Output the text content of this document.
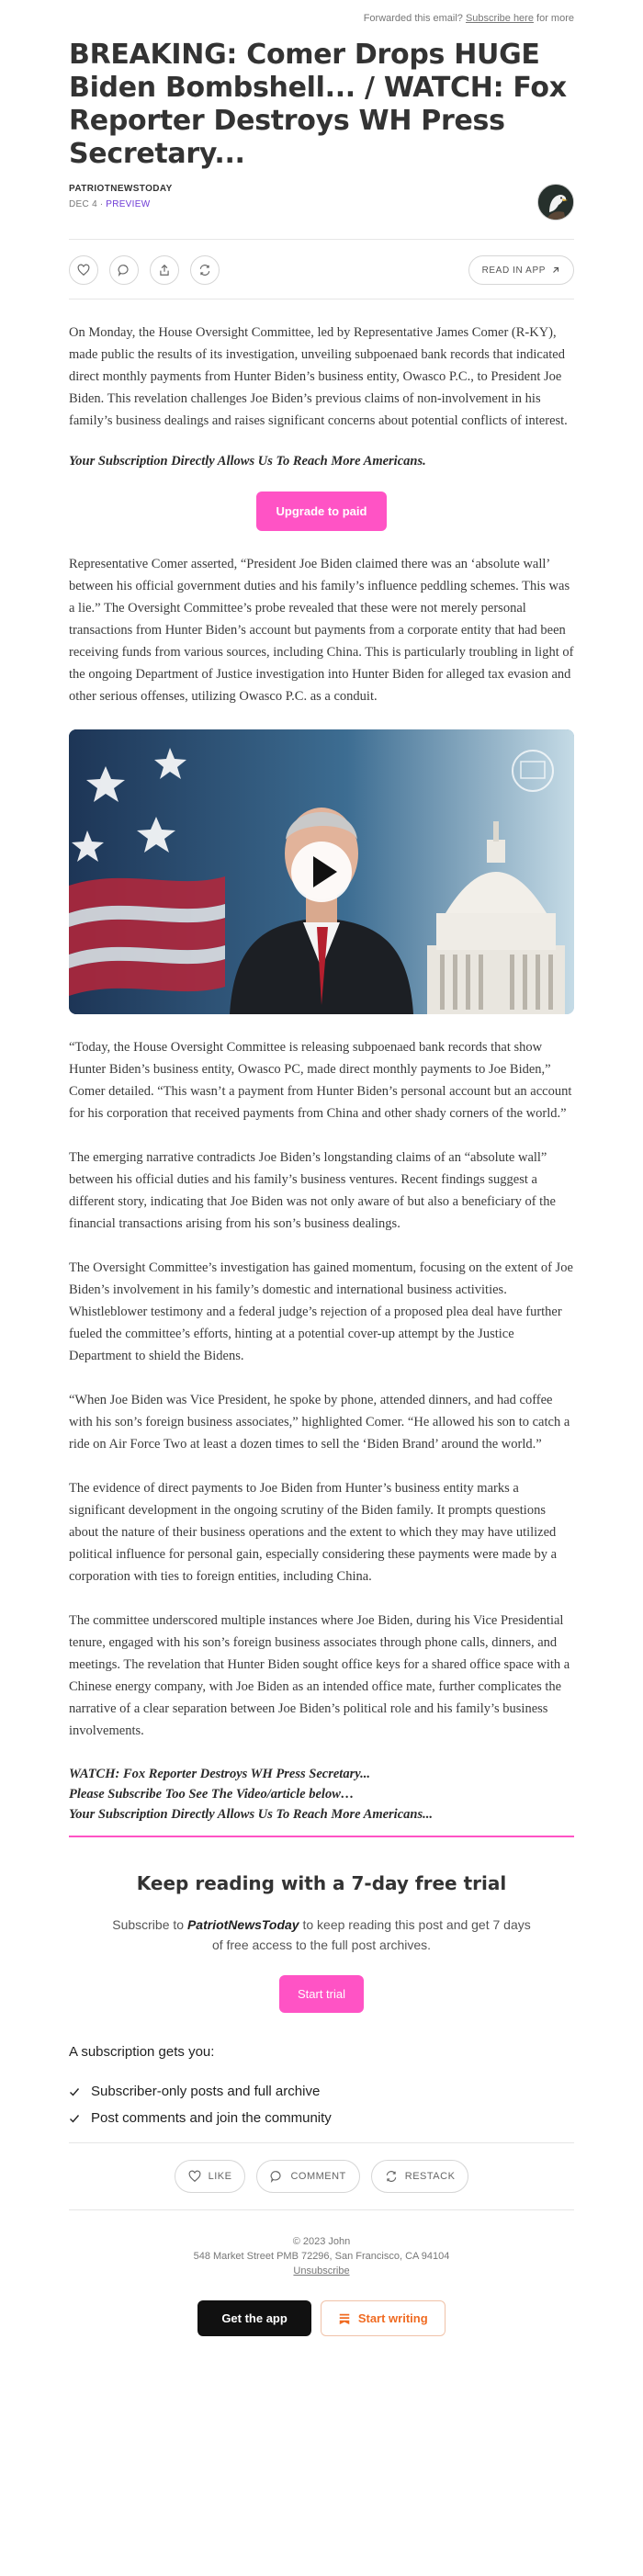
Forwarded this email? Subscribe here for more
BREAKING: Comer Drops HUGE Biden Bombshell... / WATCH: Fox Reporter Destroys WH Press Secretary...
PATRIOTNEWSTODAY
DEC 4 ∙ PREVIEW
READ IN APP

On Monday, the House Oversight Committee, led by Representative James Comer (R-KY), made public the results of its investigation, unveiling subpoenaed bank records that indicated direct monthly payments from Hunter Biden’s business entity, Owasco P.C., to President Joe Biden. This revelation challenges Joe Biden’s previous claims of non-involvement in his family’s business dealings and raises significant concerns about potential conflicts of interest.

Your Subscription Directly Allows Us To Reach More Americans.
Upgrade to paid

Representative Comer asserted, “President Joe Biden claimed there was an ‘absolute wall’ between his official government duties and his family’s influence peddling schemes. This was a lie.” The Oversight Committee’s probe revealed that these were not merely personal transactions from Hunter Biden’s account but payments from a corporate entity that had been receiving funds from various sources, including China. This is particularly troubling in light of the ongoing Department of Justice investigation into Hunter Biden for alleged tax evasion and other serious offenses, utilizing Owasco P.C. as a conduit.

“Today, the House Oversight Committee is releasing subpoenaed bank records that show Hunter Biden’s business entity, Owasco PC, made direct monthly payments to Joe Biden,” Comer detailed. “This wasn’t a payment from Hunter Biden’s personal account but an account for his corporation that received payments from China and other shady corners of the world.”

The emerging narrative contradicts Joe Biden’s longstanding claims of an “absolute wall” between his official duties and his family’s business ventures. Recent findings suggest a different story, indicating that Joe Biden was not only aware of but also a beneficiary of the financial transactions arising from his son’s business dealings.

The Oversight Committee’s investigation has gained momentum, focusing on the extent of Joe Biden’s involvement in his family’s domestic and international business activities. Whistleblower testimony and a federal judge’s rejection of a proposed plea deal have further fueled the committee’s efforts, hinting at a potential cover-up attempt by the Justice Department to shield the Bidens.

“When Joe Biden was Vice President, he spoke by phone, attended dinners, and had coffee with his son’s foreign business associates,” highlighted Comer. “He allowed his son to catch a ride on Air Force Two at least a dozen times to sell the ‘Biden Brand’ around the world.”

The evidence of direct payments to Joe Biden from Hunter’s business entity marks a significant development in the ongoing scrutiny of the Biden family. It prompts questions about the nature of their business operations and the extent to which they may have utilized political influence for personal gain, especially considering these payments were made by a corporation with ties to foreign entities, including China.

The committee underscored multiple instances where Joe Biden, during his Vice Presidential tenure, engaged with his son’s foreign business associates through phone calls, dinners, and meetings. The revelation that Hunter Biden sought office keys for a shared office space with a Chinese energy company, with Joe Biden as an intended office mate, further complicates the narrative of a clear separation between Joe Biden’s political role and his family’s business involvements.

WATCH: Fox Reporter Destroys WH Press Secretary...
Please Subscribe Too See The Video/article below…
Your Subscription Directly Allows Us To Reach More Americans...
Keep reading with a 7-day free trial

Subscribe to PatriotNewsToday to keep reading this post and get 7 days of free access to the full post archives.

Start trial
A subscription gets you:
Subscriber-only posts and full archive
Post comments and join the community
LIKE	COMMENT	RESTACK
© 2023 John
548 Market Street PMB 72296, San Francisco, CA 94104
Unsubscribe
Get the app	Start writing
